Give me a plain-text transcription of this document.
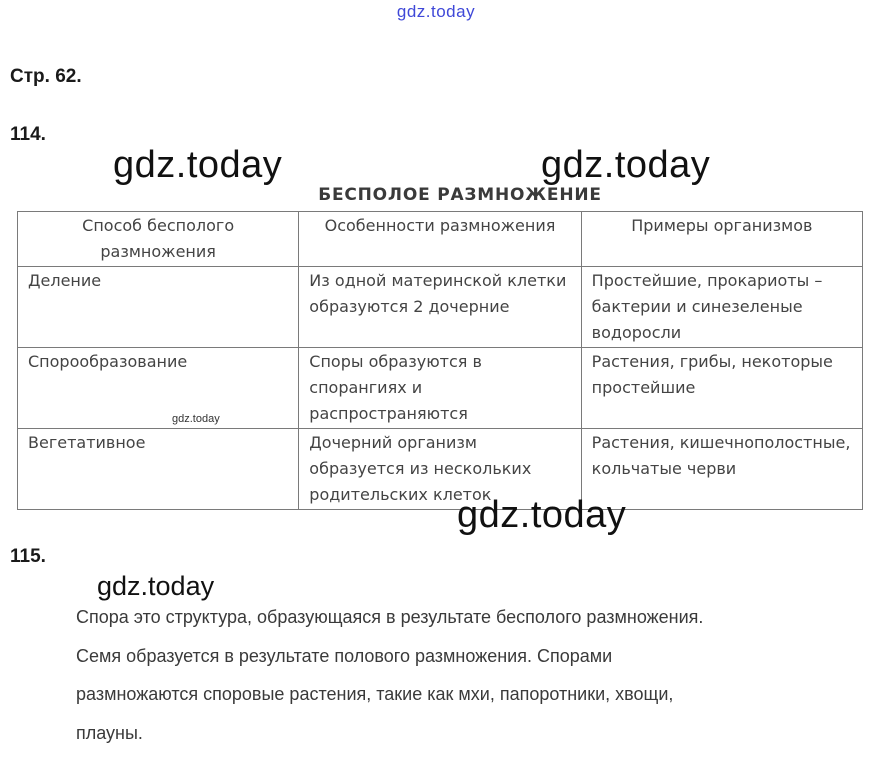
gdz.today
Стр. 62.
114.
gdz.today	gdz.today
БЕСПОЛОЕ РАЗМНОЖЕНИЕ
Способ бесполого размножения	Особенности размножения	Примеры организмов
Деление	Из одной материнской клетки образуются 2 дочерние	Простейшие, прокариоты – бактерии и синезеленые водоросли
Спорообразование	Споры образуются в спорангиях и распространяются	Растения, грибы, некоторые простейшие
Вегетативное	Дочерний организм образуется из нескольких родительских клеток	Растения, кишечнополостные, кольчатые черви
gdz.today
gdz.today
115.
gdz.today
Спора это структура, образующаяся в результате бесполого размножения.
Семя образуется в результате полового размножения. Спорами
размножаются споровые растения, такие как мхи, папоротники, хвощи,
плауны.
